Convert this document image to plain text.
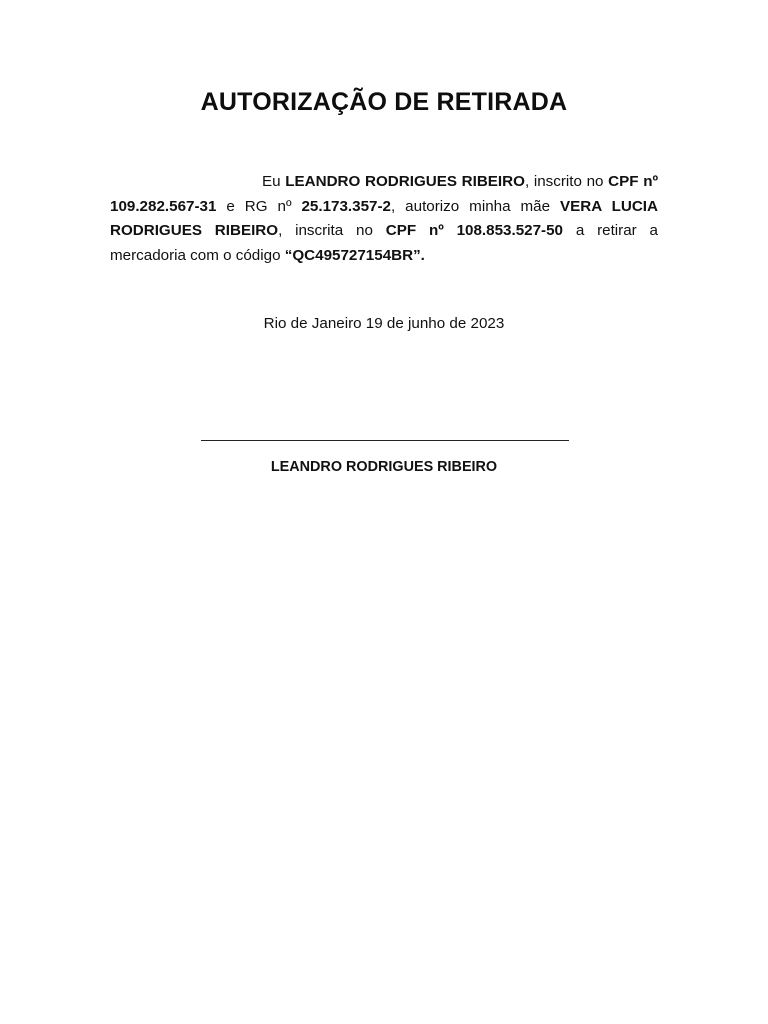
AUTORIZAÇÃO DE RETIRADA

Eu LEANDRO RODRIGUES RIBEIRO, inscrito no CPF nº 109.282.567-31 e RG nº 25.173.357-2, autorizo minha mãe VERA LUCIA RODRIGUES RIBEIRO, inscrita no CPF nº 108.853.527-50 a retirar a mercadoria com o código “QC495727154BR”.

Rio de Janeiro 19 de junho de 2023

LEANDRO RODRIGUES RIBEIRO
